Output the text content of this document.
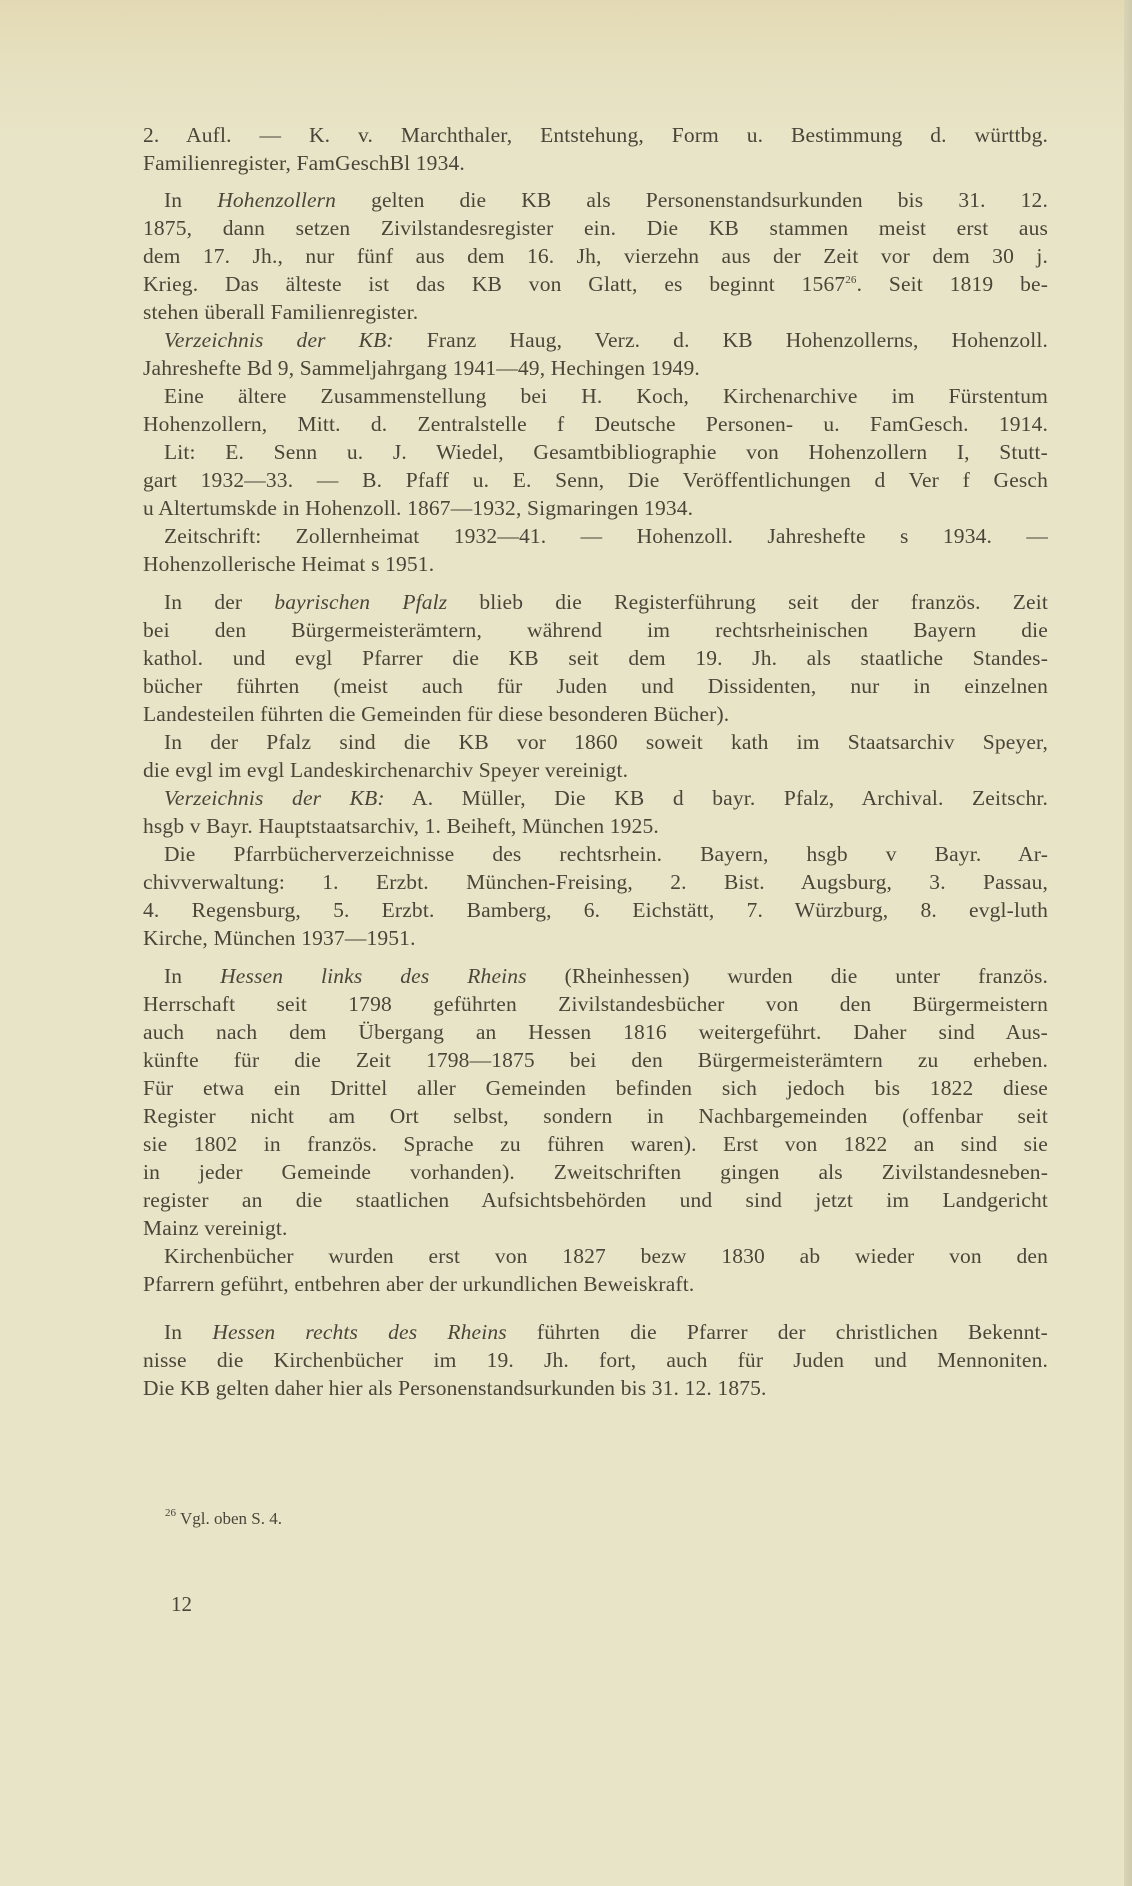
2. Aufl. — K. v. Marchthaler, Entstehung, Form u. Bestimmung d. württbg.
Familienregister, FamGeschBl 1934.
In Hohenzollern gelten die KB als Personenstandsurkunden bis 31. 12.
1875, dann setzen Zivilstandesregister ein. Die KB stammen meist erst aus
dem 17. Jh., nur fünf aus dem 16. Jh, vierzehn aus der Zeit vor dem 30 j.
Krieg. Das älteste ist das KB von Glatt, es beginnt 1567$^{26}$. Seit 1819 be-
stehen überall Familienregister.
Verzeichnis der KB: Franz Haug, Verz. d. KB Hohenzollerns, Hohenzoll.
Jahreshefte Bd 9, Sammeljahrgang 1941—49, Hechingen 1949.
Eine ältere Zusammenstellung bei H. Koch, Kirchenarchive im Fürstentum
Hohenzollern, Mitt. d. Zentralstelle f Deutsche Personen- u. FamGesch. 1914.
Lit: E. Senn u. J. Wiedel, Gesamtbibliographie von Hohenzollern I, Stutt-
gart 1932—33. — B. Pfaff u. E. Senn, Die Veröffentlichungen d Ver f Gesch
u Altertumskde in Hohenzoll. 1867—1932, Sigmaringen 1934.
Zeitschrift: Zollernheimat 1932—41. — Hohenzoll. Jahreshefte s 1934. —
Hohenzollerische Heimat s 1951.
In der bayrischen Pfalz blieb die Registerführung seit der französ. Zeit
bei den Bürgermeisterämtern, während im rechtsrheinischen Bayern die
kathol. und evgl Pfarrer die KB seit dem 19. Jh. als staatliche Standes-
bücher führten (meist auch für Juden und Dissidenten, nur in einzelnen
Landesteilen führten die Gemeinden für diese besonderen Bücher).
In der Pfalz sind die KB vor 1860 soweit kath im Staatsarchiv Speyer,
die evgl im evgl Landeskirchenarchiv Speyer vereinigt.
Verzeichnis der KB: A. Müller, Die KB d bayr. Pfalz, Archival. Zeitschr.
hsgb v Bayr. Hauptstaatsarchiv, 1. Beiheft, München 1925.
Die Pfarrbücherverzeichnisse des rechtsrhein. Bayern, hsgb v Bayr. Ar-
chivverwaltung: 1. Erzbt. München-Freising, 2. Bist. Augsburg, 3. Passau,
4. Regensburg, 5. Erzbt. Bamberg, 6. Eichstätt, 7. Würzburg, 8. evgl-luth
Kirche, München 1937—1951.
In Hessen links des Rheins (Rheinhessen) wurden die unter französ.
Herrschaft seit 1798 geführten Zivilstandesbücher von den Bürgermeistern
auch nach dem Übergang an Hessen 1816 weitergeführt. Daher sind Aus-
künfte für die Zeit 1798—1875 bei den Bürgermeisterämtern zu erheben.
Für etwa ein Drittel aller Gemeinden befinden sich jedoch bis 1822 diese
Register nicht am Ort selbst, sondern in Nachbargemeinden (offenbar seit
sie 1802 in französ. Sprache zu führen waren). Erst von 1822 an sind sie
in jeder Gemeinde vorhanden). Zweitschriften gingen als Zivilstandesneben-
register an die staatlichen Aufsichtsbehörden und sind jetzt im Landgericht
Mainz vereinigt.
Kirchenbücher wurden erst von 1827 bezw 1830 ab wieder von den
Pfarrern geführt, entbehren aber der urkundlichen Beweiskraft.
In Hessen rechts des Rheins führten die Pfarrer der christlichen Bekennt-
nisse die Kirchenbücher im 19. Jh. fort, auch für Juden und Mennoniten.
Die KB gelten daher hier als Personenstandsurkunden bis 31. 12. 1875.
$^{26}$ Vgl. oben S. 4.
12
